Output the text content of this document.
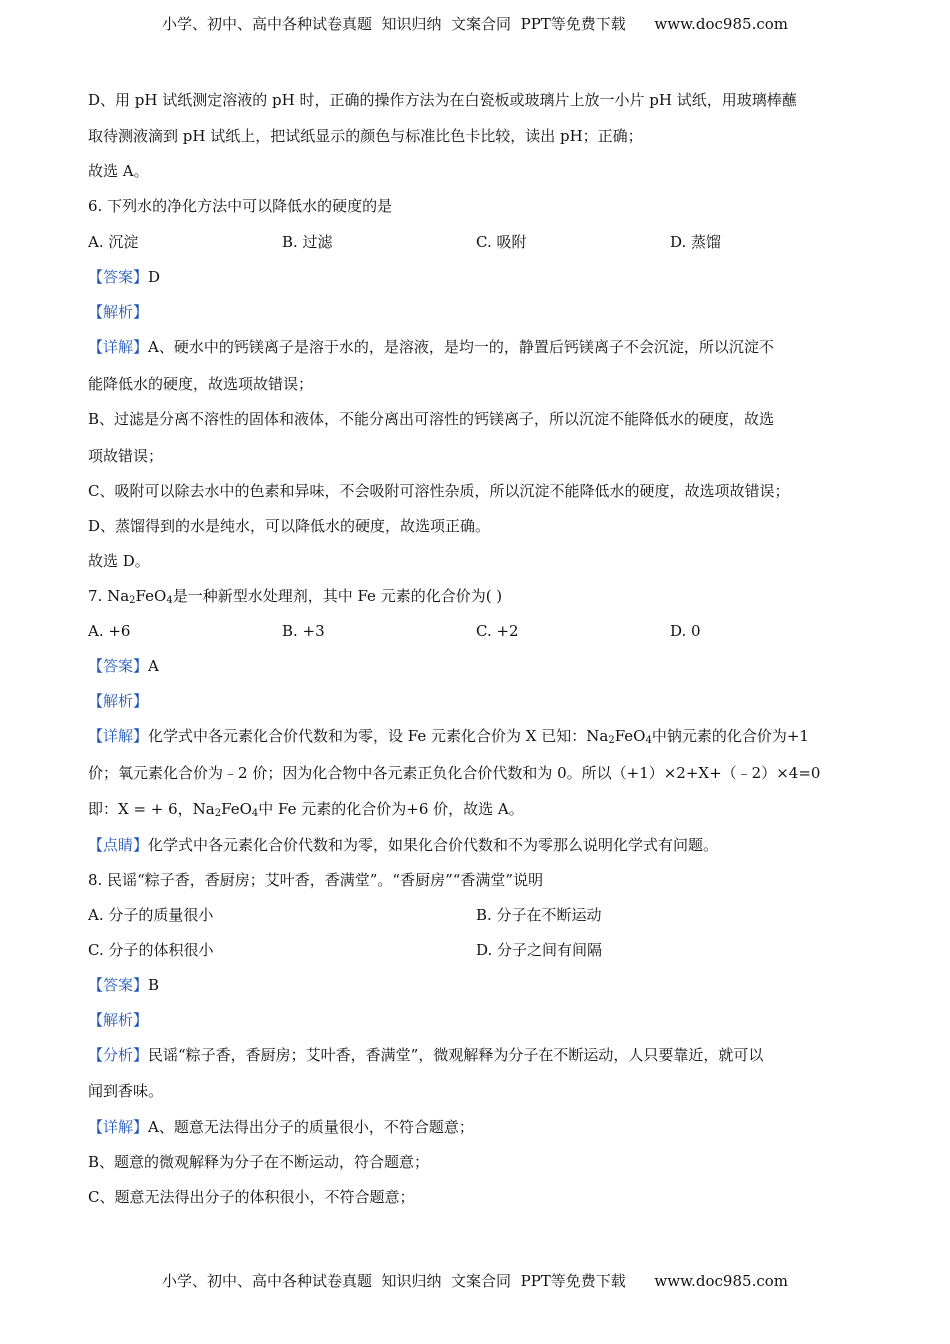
小学、初中、高中各种试卷真题  知识归纳  文案合同  PPT等免费下载      www.doc985.com
D、用 pH 试纸测定溶液的 pH 时，正确的操作方法为在白瓷板或玻璃片上放一小片 pH 试纸，用玻璃棒蘸
取待测液滴到 pH 试纸上，把试纸显示的颜色与标准比色卡比较，读出 pH；正确；
故选 A。
6. 下列水的净化方法中可以降低水的硬度的是
A. 沉淀	B. 过滤	C. 吸附	D. 蒸馏
【答案】D
【解析】
【详解】A、硬水中的钙镁离子是溶于水的，是溶液，是均一的，静置后钙镁离子不会沉淀，所以沉淀不
能降低水的硬度，故选项故错误；
B、过滤是分离不溶性的固体和液体，不能分离出可溶性的钙镁离子，所以沉淀不能降低水的硬度，故选
项故错误；
C、吸附可以除去水中的色素和异味，不会吸附可溶性杂质，所以沉淀不能降低水的硬度，故选项故错误；
D、蒸馏得到的水是纯水，可以降低水的硬度，故选项正确。
故选 D。
7. $Na_2FeO_4$是一种新型水处理剂，其中 Fe 元素的化合价为( )
A. +6	B. +3	C. +2	D. 0
【答案】A
【解析】
【详解】化学式中各元素化合价代数和为零，设 Fe 元素化合价为 X 已知：$Na_2FeO_4$中钠元素的化合价为+1
价；氧元素化合价为﹣2 价；因为化合物中各元素正负化合价代数和为 0。所以（+1）×2+X+（﹣2）×4=0
即：X = + 6，$Na_2FeO_4$中 Fe 元素的化合价为+6 价，故选 A。
【点睛】化学式中各元素化合价代数和为零，如果化合价代数和不为零那么说明化学式有问题。
8. 民谣“粽子香，香厨房；艾叶香，香满堂”。“香厨房”“香满堂”说明
A. 分子的质量很小	B. 分子在不断运动
C. 分子的体积很小	D. 分子之间有间隔
【答案】B
【解析】
【分析】民谣“粽子香，香厨房；艾叶香，香满堂”，微观解释为分子在不断运动，人只要靠近，就可以
闻到香味。
【详解】A、题意无法得出分子的质量很小，不符合题意；
B、题意的微观解释为分子在不断运动，符合题意；
C、题意无法得出分子的体积很小，不符合题意；
小学、初中、高中各种试卷真题  知识归纳  文案合同  PPT等免费下载      www.doc985.com
